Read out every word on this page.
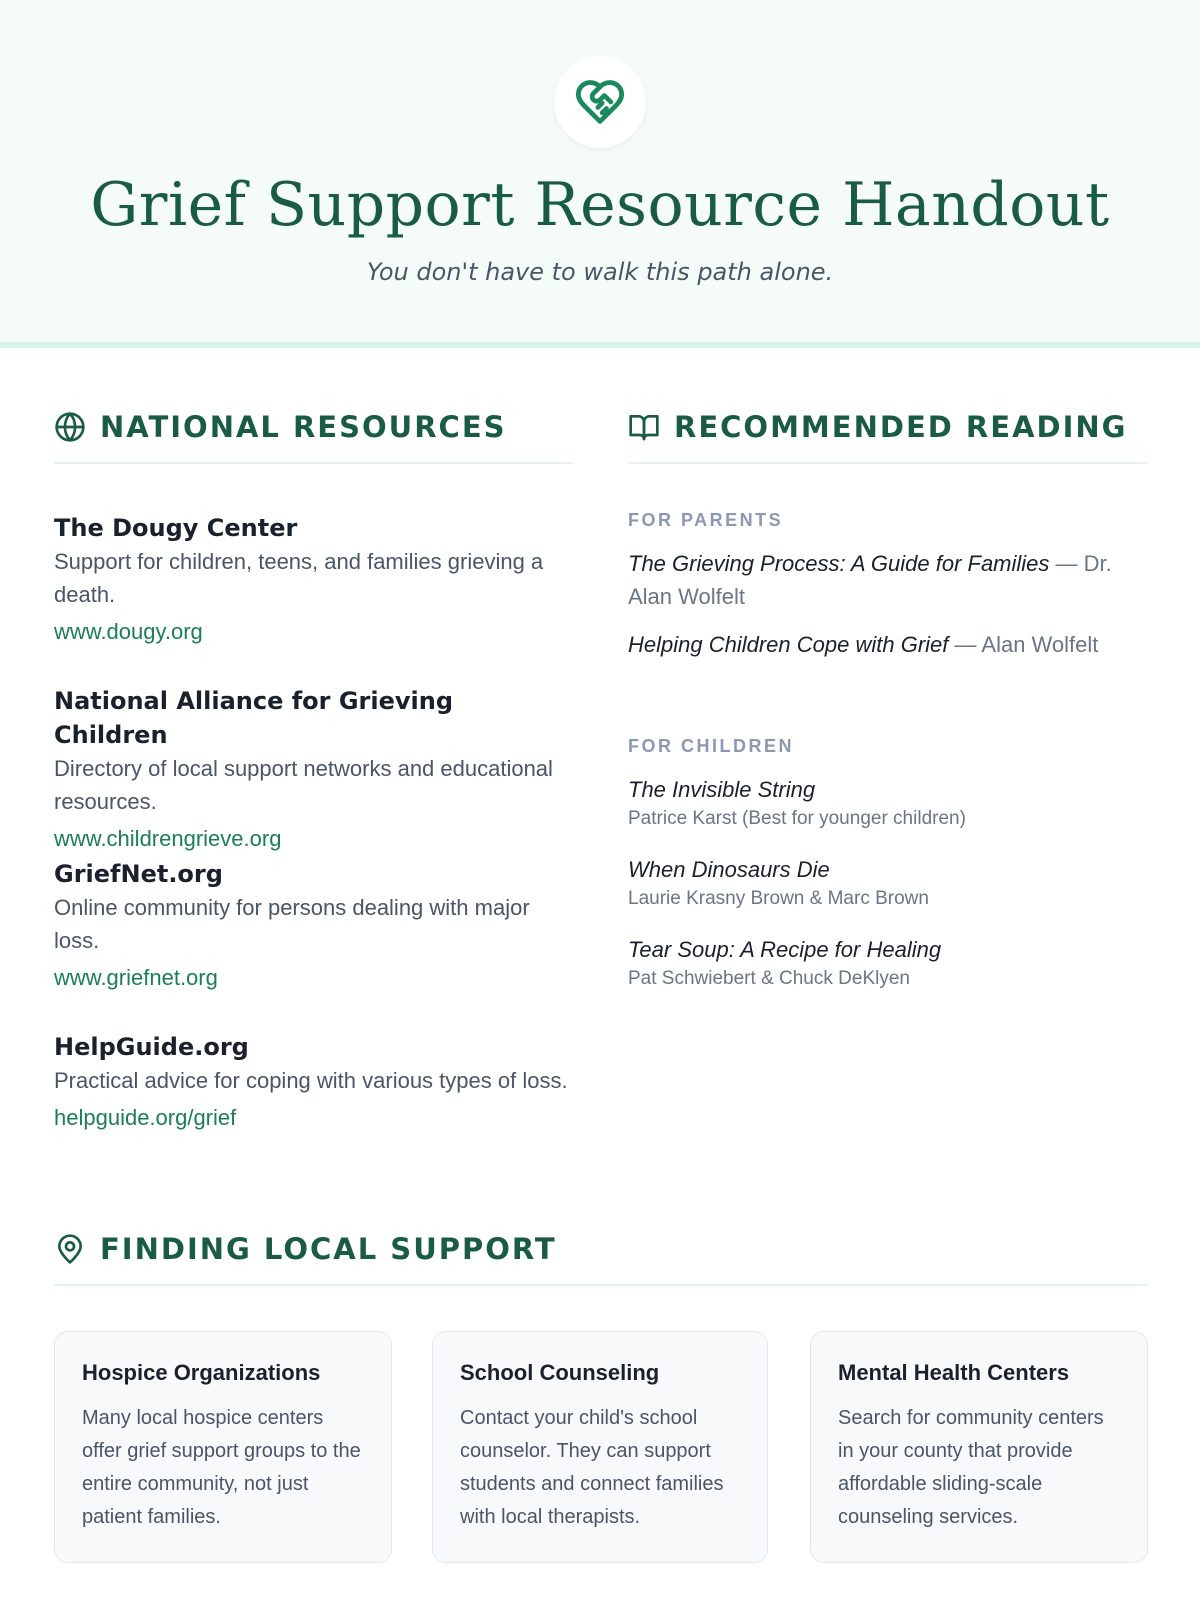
Grief Support Resource Handout
You don't have to walk this path alone.
NATIONAL RESOURCES
The Dougy Center
Support for children, teens, and families grieving a death.
www.dougy.org
National Alliance for Grieving Children
Directory of local support networks and educational resources.
www.childrengrieve.org
GriefNet.org
Online community for persons dealing with major loss.
www.griefnet.org
HelpGuide.org
Practical advice for coping with various types of loss.
helpguide.org/grief
RECOMMENDED READING
FOR PARENTS
The Grieving Process: A Guide for Families — Dr. Alan Wolfelt
Helping Children Cope with Grief — Alan Wolfelt
FOR CHILDREN
The Invisible String
Patrice Karst (Best for younger children)
When Dinosaurs Die
Laurie Krasny Brown & Marc Brown
Tear Soup: A Recipe for Healing
Pat Schwiebert & Chuck DeKlyen
FINDING LOCAL SUPPORT
Hospice Organizations
Many local hospice centers offer grief support groups to the entire community, not just patient families.
School Counseling
Contact your child's school counselor. They can support students and connect families with local therapists.
Mental Health Centers
Search for community centers in your county that provide affordable sliding-scale counseling services.
